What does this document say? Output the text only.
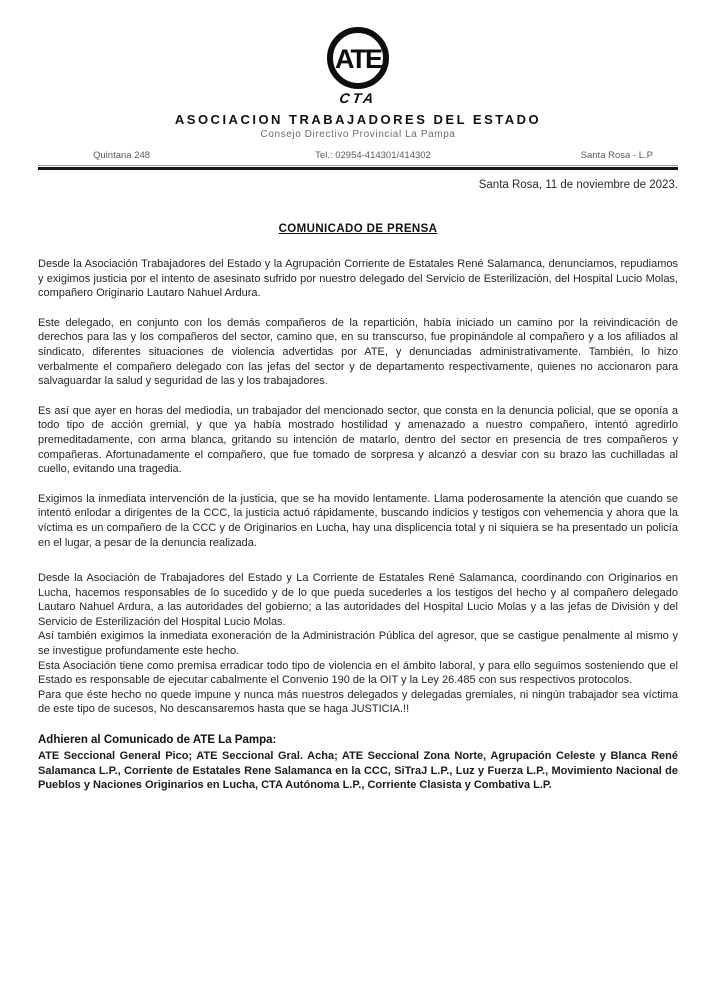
ATE
CTA
ASOCIACION TRABAJADORES DEL ESTADO
Consejo Directivo Provincial La Pampa
Quintana 248	Tel.: 02954-414301/414302	Santa Rosa - L.P
Santa Rosa, 11 de noviembre de 2023.
COMUNICADO DE PRENSA

Desde la Asociación Trabajadores del Estado y la Agrupación Corriente de Estatales René Salamanca, denunciamos, repudiamos y exigimos justicia por el intento de asesinato sufrido por nuestro delegado del Servicio de Esterilización, del Hospital Lucio Molas, compañero Originario Lautaro Nahuel Ardura.

Este delegado, en conjunto con los demás compañeros de la repartición, había iniciado un camino por la reivindicación de derechos para las y los compañeros del sector, camino que, en su transcurso, fue propinándole al compañero y a los afiliados al sindicato, diferentes situaciones de violencia advertidas por ATE, y denunciadas administrativamente. También, lo hizo verbalmente el compañero delegado con las jefas del sector y de departamento respectivamente, quienes no accionaron para salvaguardar la salud y seguridad de las y los trabajadores.

Es así que ayer en horas del mediodía, un trabajador del mencionado sector, que consta en la denuncia policial, que se oponía a todo tipo de acción gremial, y que ya había mostrado hostilidad y amenazado a nuestro compañero, intentó agredirlo premeditadamente, con arma blanca, gritando su intención de matarlo, dentro del sector en presencia de tres compañeros y compañeras. Afortunadamente el compañero, que fue tomado de sorpresa y alcanzó a desviar con su brazo las cuchilladas al cuello, evitando una tragedia.

Exigimos la inmediata intervención de la justicia, que se ha movido lentamente. Llama poderosamente la atención que cuando se intentó enlodar a dirigentes de la CCC, la justicia actuó rápidamente, buscando indicios y testigos con vehemencia y ahora que la víctima es un compañero de la CCC y de Originarios en Lucha, hay una displicencia total y ni siquiera se ha presentado un policía en el lugar, a pesar de la denuncia realizada.

Desde la Asociación de Trabajadores del Estado y La Corriente de Estatales René Salamanca, coordinando con Originarios en Lucha, hacemos responsables de lo sucedido y de lo que pueda sucederles a los testigos del hecho y al compañero delegado Lautaro Nahuel Ardura, a las autoridades del gobierno; a las autoridades del Hospital Lucio Molas y a las jefas de División y del Servicio de Esterilización del Hospital Lucio Molas.

Así también exigimos la inmediata exoneración de la Administración Pública del agresor, que se castigue penalmente al mismo y se investigue profundamente este hecho.

Esta Asociación tiene como premisa erradicar todo tipo de violencia en el ámbito laboral, y para ello seguimos sosteniendo que el Estado es responsable de ejecutar cabalmente el Convenio 190 de la OIT y la Ley 26.485 con sus respectivos protocolos.

Para que éste hecho no quede impune y nunca más nuestros delegados y delegadas gremiales, ni ningún trabajador sea víctima de este tipo de sucesos, No descansaremos hasta que se haga JUSTICIA.!!

Adhieren al Comunicado de ATE La Pampa:

ATE Seccional General Pico; ATE Seccional Gral. Acha; ATE Seccional Zona Norte, Agrupación Celeste y Blanca René Salamanca L.P., Corriente de Estatales Rene Salamanca en la CCC, SiTraJ L.P., Luz y Fuerza L.P., Movimiento Nacional de Pueblos y Naciones Originarios en Lucha, CTA Autónoma L.P., Corriente Clasista y Combativa L.P.
